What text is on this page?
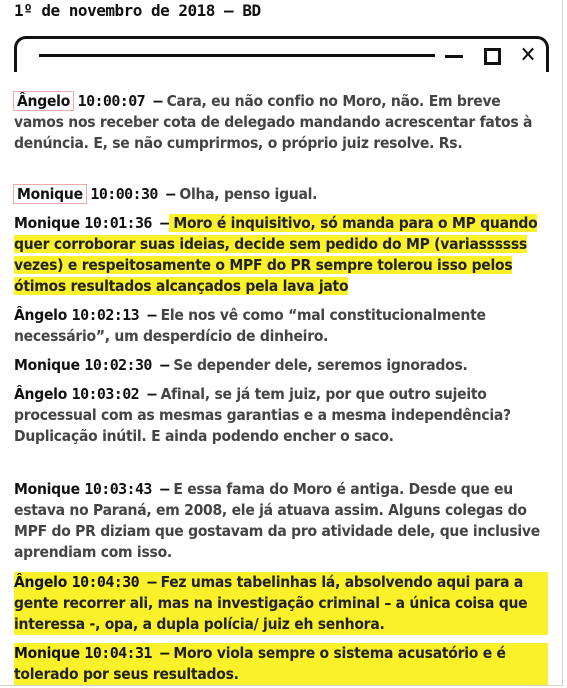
1º de novembro de 2018 – BD
✕
Ângelo 10:00:07 – Cara, eu não confio no Moro, não. Em breve vamos nos receber cota de delegado mandando acrescentar fatos à denúncia. E, se não cumprirmos, o próprio juiz resolve. Rs.
Monique 10:00:30 – Olha, penso igual.
Monique 10:01:36 – Moro é inquisitivo, só manda para o MP quando quer corroborar suas ideias, decide sem pedido do MP (variassssss vezes) e respeitosamente o MPF do PR sempre tolerou isso pelos ótimos resultados alcançados pela lava jato
Ângelo 10:02:13 – Ele nos vê como “mal constitucionalmente necessário”, um desperdício de dinheiro.
Monique 10:02:30 – Se depender dele, seremos ignorados.
Ângelo 10:03:02 – Afinal, se já tem juiz, por que outro sujeito processual com as mesmas garantias e a mesma independência? Duplicação inútil. E ainda podendo encher o saco.
Monique 10:03:43 – E essa fama do Moro é antiga. Desde que eu estava no Paraná, em 2008, ele já atuava assim. Alguns colegas do MPF do PR diziam que gostavam da pro atividade dele, que inclusive aprendiam com isso.
Ângelo 10:04:30 – Fez umas tabelinhas lá, absolvendo aqui para a gente recorrer ali, mas na investigação criminal – a única coisa que interessa -, opa, a dupla polícia/ juiz eh senhora.
Monique 10:04:31 – Moro viola sempre o sistema acusatório e é tolerado por seus resultados.
